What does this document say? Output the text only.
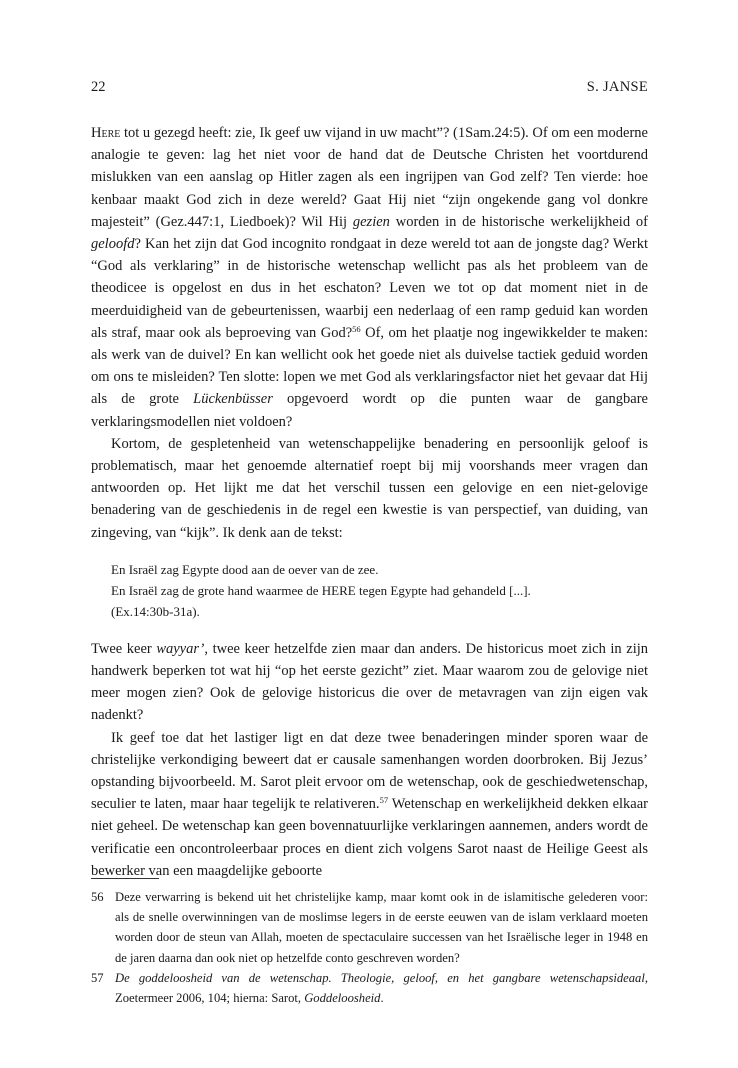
22	S. JANSE

Here tot u gezegd heeft: zie, Ik geef uw vijand in uw macht”? (1Sam.24:5). Of om een moderne analogie te geven: lag het niet voor de hand dat de Deutsche Christen het voortdurend mislukken van een aanslag op Hitler zagen als een ingrijpen van God zelf? Ten vierde: hoe kenbaar maakt God zich in deze wereld? Gaat Hij niet “zijn ongekende gang vol donkre majesteit” (Gez.447:1, Liedboek)? Wil Hij gezien worden in de historische werkelijkheid of geloofd? Kan het zijn dat God incognito rondgaat in deze wereld tot aan de jongste dag? Werkt “God als verklaring” in de historische wetenschap wellicht pas als het probleem van de theodicee is opgelost en dus in het eschaton? Leven we tot op dat moment niet in de meerduidigheid van de gebeurtenissen, waarbij een nederlaag of een ramp geduid kan worden als straf, maar ook als beproeving van God?$^{56}$ Of, om het plaatje nog ingewikkelder te maken: als werk van de duivel? En kan wellicht ook het goede niet als duivelse tactiek geduid worden om ons te misleiden? Ten slotte: lopen we met God als verklaringsfactor niet het gevaar dat Hij als de grote Lückenbüsser opgevoerd wordt op die punten waar de gangbare verklaringsmodellen niet voldoen?

Kortom, de gespletenheid van wetenschappelijke benadering en persoonlijk geloof is problematisch, maar het genoemde alternatief roept bij mij voorshands meer vragen dan antwoorden op. Het lijkt me dat het verschil tussen een gelovige en een niet-gelovige benadering van de geschiedenis in de regel een kwestie is van perspectief, van duiding, van zingeving, van “kijk”. Ik denk aan de tekst:

En Israël zag Egypte dood aan de oever van de zee.
En Israël zag de grote hand waarmee de HERE tegen Egypte had gehandeld [...].
(Ex.14:30b-31a).

Twee keer wayyar’, twee keer hetzelfde zien maar dan anders. De historicus moet zich in zijn handwerk beperken tot wat hij “op het eerste gezicht” ziet. Maar waarom zou de gelovige niet meer mogen zien? Ook de gelovige historicus die over de metavragen van zijn eigen vak nadenkt?

Ik geef toe dat het lastiger ligt en dat deze twee benaderingen minder sporen waar de christelijke verkondiging beweert dat er causale samenhangen worden doorbroken. Bij Jezus’ opstanding bijvoorbeeld. M. Sarot pleit ervoor om de wetenschap, ook de geschiedwetenschap, seculier te laten, maar haar tegelijk te relativeren.$^{57}$ Wetenschap en werkelijkheid dekken elkaar niet geheel. De wetenschap kan geen bovennatuurlijke verklaringen aannemen, anders wordt de verificatie een oncontroleerbaar proces en dient zich volgens Sarot naast de Heilige Geest als bewerker van een maagdelijke geboorte

56 Deze verwarring is bekend uit het christelijke kamp, maar komt ook in de islamitische gelederen voor: als de snelle overwinningen van de moslimse legers in de eerste eeuwen van de islam verklaard moeten worden door de steun van Allah, moeten de spectaculaire successen van het Israëlische leger in 1948 en de jaren daarna dan ook niet op hetzelfde conto geschreven worden?

57 De goddeloosheid van de wetenschap. Theologie, geloof, en het gangbare wetenschapsideaal, Zoetermeer 2006, 104; hierna: Sarot, Goddeloosheid.
